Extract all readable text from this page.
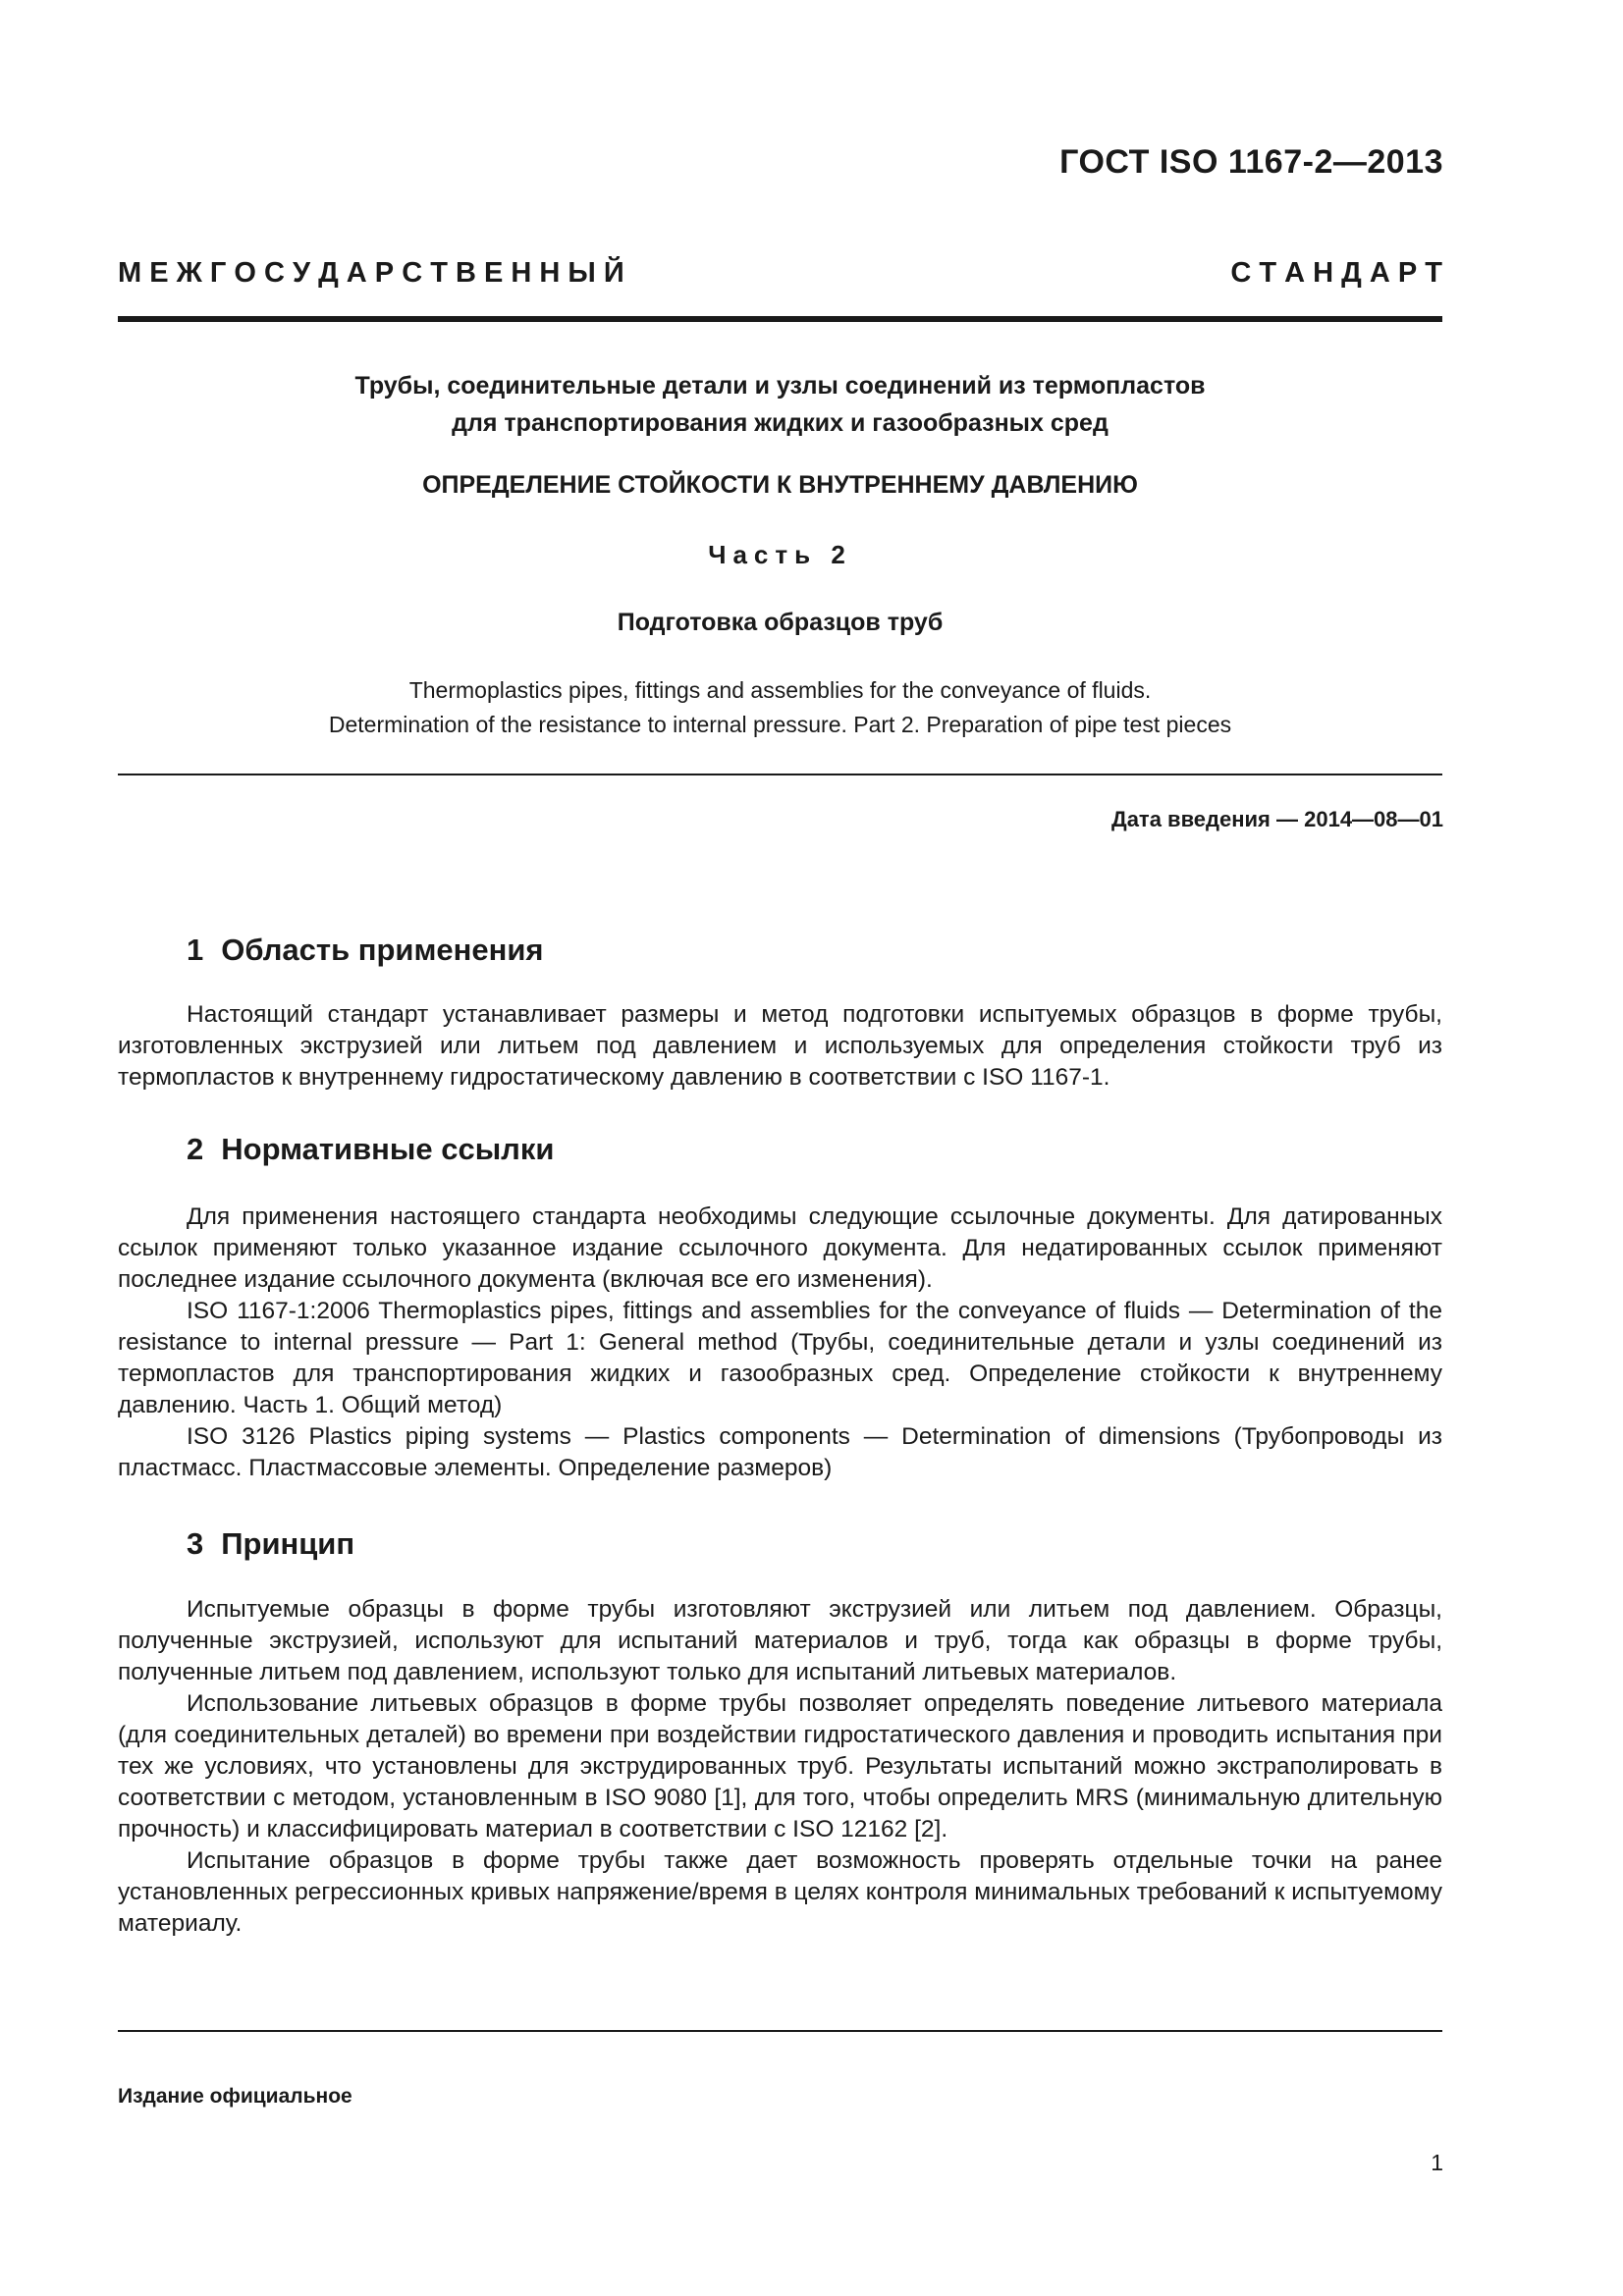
ГОСТ ISO 1167-2—2013
М Е Ж Г О С У Д А Р С Т В Е Н Н Ы Й	С Т А Н Д А Р Т
Трубы, соединительные детали и узлы соединений из термопластов
для транспортирования жидких и газообразных сред
ОПРЕДЕЛЕНИЕ СТОЙКОСТИ К ВНУТРЕННЕМУ ДАВЛЕНИЮ
Часть 2
Подготовка образцов труб
Thermoplastics pipes, fittings and assemblies for the conveyance of fluids.
Determination of the resistance to internal pressure. Part 2. Preparation of pipe test pieces
Дата введения — 2014—08—01
1 Область применения

Настоящий стандарт устанавливает размеры и метод подготовки испытуемых образцов в форме трубы, изготовленных экструзией или литьем под давлением и используемых для определения стойкости труб из термопластов к внутреннему гидростатическому давлению в соответствии с ISO 1167-1.

2 Нормативные ссылки

Для применения настоящего стандарта необходимы следующие ссылочные документы. Для датированных ссылок применяют только указанное издание ссылочного документа. Для недатированных ссылок применяют последнее издание ссылочного документа (включая все его изменения).

ISO 1167-1:2006 Thermoplastics pipes, fittings and assemblies for the conveyance of fluids — Determination of the resistance to internal pressure — Part 1: General method (Трубы, соединительные детали и узлы соединений из термопластов для транспортирования жидких и газообразных сред. Определение стойкости к внутреннему давлению. Часть 1. Общий метод)

ISO 3126 Plastics piping systems — Plastics components — Determination of dimensions (Трубопроводы из пластмасс. Пластмассовые элементы. Определение размеров)

3 Принцип

Испытуемые образцы в форме трубы изготовляют экструзией или литьем под давлением. Образцы, полученные экструзией, используют для испытаний материалов и труб, тогда как образцы в форме трубы, полученные литьем под давлением, используют только для испытаний литьевых материалов.

Использование литьевых образцов в форме трубы позволяет определять поведение литьевого материала (для соединительных деталей) во времени при воздействии гидростатического давления и проводить испытания при тех же условиях, что установлены для экструдированных труб. Результаты испытаний можно экстраполировать в соответствии с методом, установленным в ISO 9080 [1], для того, чтобы определить MRS (минимальную длительную прочность) и классифицировать материал в соответствии с ISO 12162 [2].

Испытание образцов в форме трубы также дает возможность проверять отдельные точки на ранее установленных регрессионных кривых напряжение/время в целях контроля минимальных требований к испытуемому материалу.

Издание официальное
1
